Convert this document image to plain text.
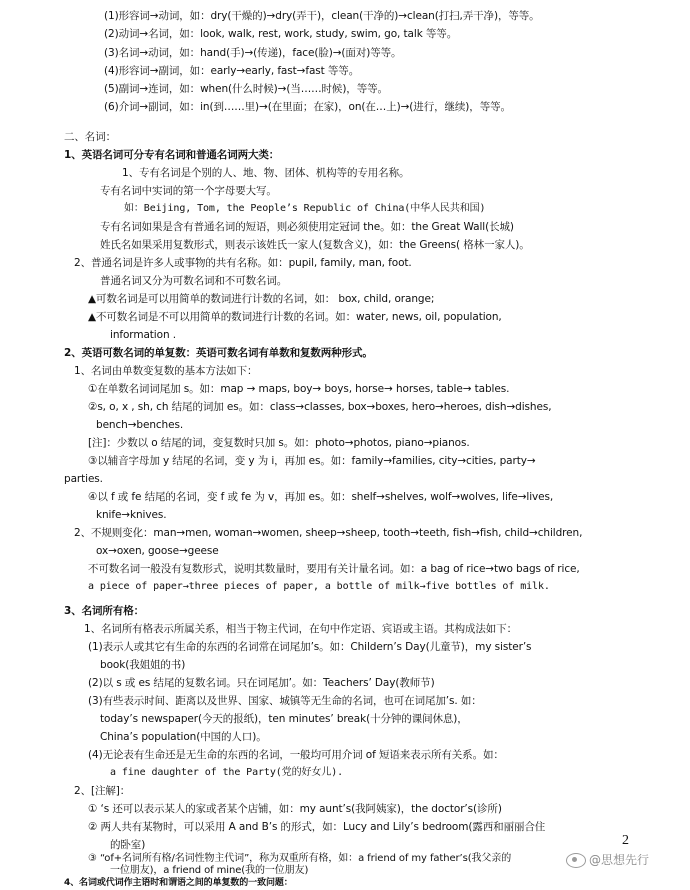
(1)形容词→动词，如：dry(干燥的)→dry(弄干)，clean(干净的)→clean(打扫,弄干净)，等等。
(2)动词→名词，如：look, walk, rest, work, study, swim, go, talk 等等。
(3)名词→动词，如：hand(手)→(传递)，face(脸)→(面对)等等。
(4)形容词→副词，如：early→early, fast→fast 等等。
(5)副词→连词，如：when(什么时候)→(当……时候)，等等。
(6)介词→副词，如：in(到……里)→(在里面；在家)，on(在…上)→(进行，继续)，等等。
二、名词：
1、英语名词可分专有名词和普通名词两大类：
1、专有名词是个别的人、地、物、团体、机构等的专用名称。
专有名词中实词的第一个字母要大写。
如：Beijing, Tom, the People’s Republic of China(中华人民共和国)
专有名词如果是含有普通名词的短语，则必须使用定冠词 the。如：the Great Wall(长城)
姓氏名如果采用复数形式，则表示该姓氏一家人(复数含义)，如：the Greens( 格林一家人)。
2、普通名词是许多人或事物的共有名称。如：pupil, family, man, foot.
普通名词又分为可数名词和不可数名词。
▲可数名词是可以用简单的数词进行计数的名词，如： box, child, orange;
▲不可数名词是不可以用简单的数词进行计数的名词。如：water, news, oil, population,
information .
2、英语可数名词的单复数：英语可数名词有单数和复数两种形式。
1、名词由单数变复数的基本方法如下：
①在单数名词词尾加 s。如：map → maps, boy→ boys, horse→ horses, table→ tables.
②s, o, x , sh, ch 结尾的词加 es。如：class→classes, box→boxes, hero→heroes, dish→dishes,
bench→benches.
[注]：少数以 o 结尾的词，变复数时只加 s。如：photo→photos, piano→pianos.
③以辅音字母加 y 结尾的名词，变 y 为 i，再加 es。如：family→families, city→cities, party→
parties.
④以 f 或 fe 结尾的名词，变 f 或 fe 为 v，再加 es。如：shelf→shelves, wolf→wolves, life→lives,
knife→knives.
2、不规则变化：man→men, woman→women, sheep→sheep, tooth→teeth, fish→fish, child→children,
ox→oxen, goose→geese
不可数名词一般没有复数形式，说明其数量时，要用有关计量名词。如：a bag of rice→two bags of rice,
a piece of paper→three pieces of paper, a bottle of milk→five bottles of milk.
3、名词所有格：
1、名词所有格表示所属关系，相当于物主代词，在句中作定语、宾语或主语。其构成法如下：
(1)表示人或其它有生命的东西的名词常在词尾加’s。如：Childern’s Day(儿童节)，my sister’s
book(我姐姐的书)
(2)以 s 或 es 结尾的复数名词。只在词尾加’。如：Teachers’ Day(教师节)
(3)有些表示时间、距离以及世界、国家、城镇等无生命的名词，也可在词尾加’s. 如：
today’s newspaper(今天的报纸)，ten minutes’ break(十分钟的课间休息)，
China’s population(中国的人口)。
(4)无论表有生命还是无生命的东西的名词，一般均可用介词 of 短语来表示所有关系。如：
a fine daughter of the Party(党的好女儿).
2、[注解]：
① ‘s 还可以表示某人的家或者某个店铺，如：my aunt’s(我阿姨家)，the doctor’s(诊所)
② 两人共有某物时，可以采用 A and B’s 的形式，如：Lucy and Lily’s bedroom(露西和丽丽合住
的卧室)
③ “of+名词所有格/名词性物主代词”，称为双重所有格，如：a friend of my father’s(我父亲的
一位朋友)，a friend of mine(我的一位朋友)
4、名词或代词作主语时和谓语之间的单复数的一致问题：
2
@思想先行
